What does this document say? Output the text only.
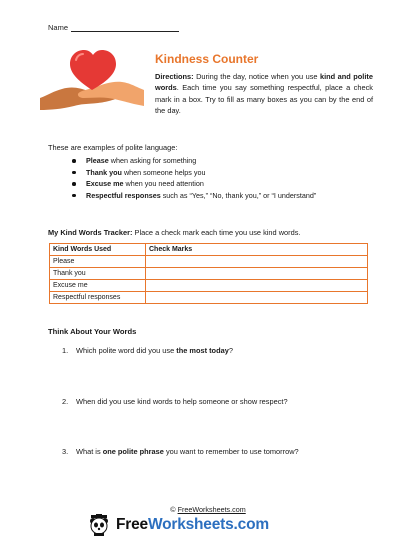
Name
Kindness Counter
Directions: During the day, notice when you use kind and polite words. Each time you say something respectful, place a check mark in a box. Try to fill as many boxes as you can by the end of the day.
These are examples of polite language:
Please when asking for something
Thank you when someone helps you
Excuse me when you need attention
Respectful responses such as “Yes,” “No, thank you,” or “I understand”
My Kind Words Tracker: Place a check mark each time you use kind words.
Kind Words Used	Check Marks
Please	
Thank you	
Excuse me	
Respectful responses	
Think About Your Words
1. Which polite word did you use the most today?
2. When did you use kind words to help someone or show respect?
3. What is one polite phrase you want to remember to use tomorrow?
© FreeWorksheets.com
FreeWorksheets.com
